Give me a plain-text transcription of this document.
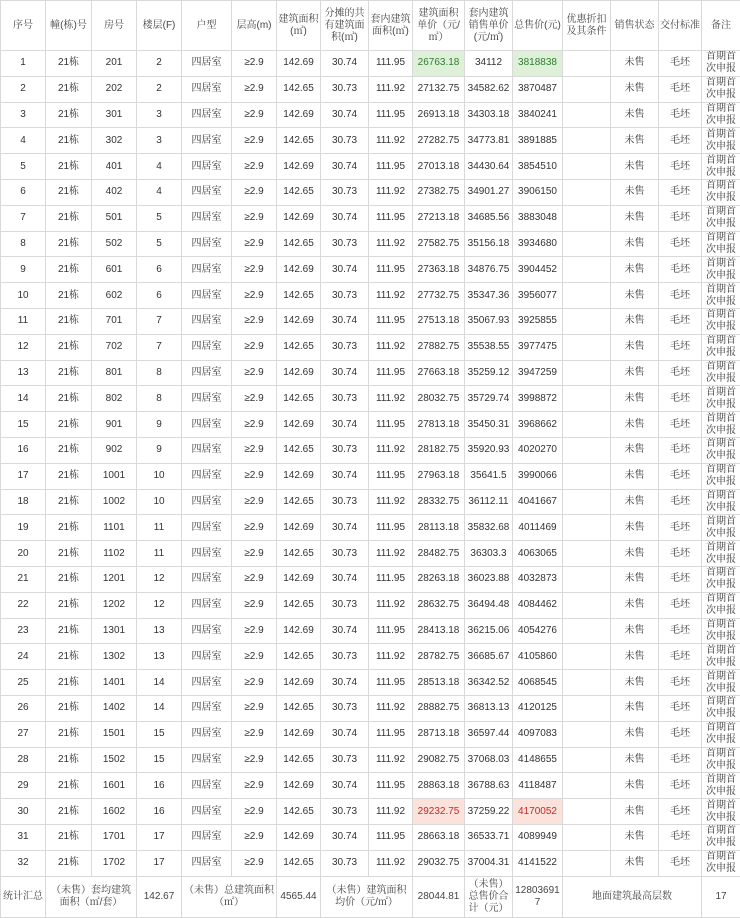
序号	幢(栋)号	房号	楼层(F)	户型	层高(m)	建筑面积(㎡)	分摊的共有建筑面积(㎡)	套内建筑面积(㎡)	建筑面积单价（元/㎡）	套内建筑销售单价(元/㎡)	总售价(元)	优惠折扣及其条件	销售状态	交付标准	备注
1	21栋	201	2	四居室	≥2.9	142.69	30.74	111.95	26763.18	34112	3818838		未售	毛坯	首期首次申报
2	21栋	202	2	四居室	≥2.9	142.65	30.73	111.92	27132.75	34582.62	3870487		未售	毛坯	首期首次申报
3	21栋	301	3	四居室	≥2.9	142.69	30.74	111.95	26913.18	34303.18	3840241		未售	毛坯	首期首次申报
4	21栋	302	3	四居室	≥2.9	142.65	30.73	111.92	27282.75	34773.81	3891885		未售	毛坯	首期首次申报
5	21栋	401	4	四居室	≥2.9	142.69	30.74	111.95	27013.18	34430.64	3854510		未售	毛坯	首期首次申报
6	21栋	402	4	四居室	≥2.9	142.65	30.73	111.92	27382.75	34901.27	3906150		未售	毛坯	首期首次申报
7	21栋	501	5	四居室	≥2.9	142.69	30.74	111.95	27213.18	34685.56	3883048		未售	毛坯	首期首次申报
8	21栋	502	5	四居室	≥2.9	142.65	30.73	111.92	27582.75	35156.18	3934680		未售	毛坯	首期首次申报
9	21栋	601	6	四居室	≥2.9	142.69	30.74	111.95	27363.18	34876.75	3904452		未售	毛坯	首期首次申报
10	21栋	602	6	四居室	≥2.9	142.65	30.73	111.92	27732.75	35347.36	3956077		未售	毛坯	首期首次申报
11	21栋	701	7	四居室	≥2.9	142.69	30.74	111.95	27513.18	35067.93	3925855		未售	毛坯	首期首次申报
12	21栋	702	7	四居室	≥2.9	142.65	30.73	111.92	27882.75	35538.55	3977475		未售	毛坯	首期首次申报
13	21栋	801	8	四居室	≥2.9	142.69	30.74	111.95	27663.18	35259.12	3947259		未售	毛坯	首期首次申报
14	21栋	802	8	四居室	≥2.9	142.65	30.73	111.92	28032.75	35729.74	3998872		未售	毛坯	首期首次申报
15	21栋	901	9	四居室	≥2.9	142.69	30.74	111.95	27813.18	35450.31	3968662		未售	毛坯	首期首次申报
16	21栋	902	9	四居室	≥2.9	142.65	30.73	111.92	28182.75	35920.93	4020270		未售	毛坯	首期首次申报
17	21栋	1001	10	四居室	≥2.9	142.69	30.74	111.95	27963.18	35641.5	3990066		未售	毛坯	首期首次申报
18	21栋	1002	10	四居室	≥2.9	142.65	30.73	111.92	28332.75	36112.11	4041667		未售	毛坯	首期首次申报
19	21栋	1101	11	四居室	≥2.9	142.69	30.74	111.95	28113.18	35832.68	4011469		未售	毛坯	首期首次申报
20	21栋	1102	11	四居室	≥2.9	142.65	30.73	111.92	28482.75	36303.3	4063065		未售	毛坯	首期首次申报
21	21栋	1201	12	四居室	≥2.9	142.69	30.74	111.95	28263.18	36023.88	4032873		未售	毛坯	首期首次申报
22	21栋	1202	12	四居室	≥2.9	142.65	30.73	111.92	28632.75	36494.48	4084462		未售	毛坯	首期首次申报
23	21栋	1301	13	四居室	≥2.9	142.69	30.74	111.95	28413.18	36215.06	4054276		未售	毛坯	首期首次申报
24	21栋	1302	13	四居室	≥2.9	142.65	30.73	111.92	28782.75	36685.67	4105860		未售	毛坯	首期首次申报
25	21栋	1401	14	四居室	≥2.9	142.69	30.74	111.95	28513.18	36342.52	4068545		未售	毛坯	首期首次申报
26	21栋	1402	14	四居室	≥2.9	142.65	30.73	111.92	28882.75	36813.13	4120125		未售	毛坯	首期首次申报
27	21栋	1501	15	四居室	≥2.9	142.69	30.74	111.95	28713.18	36597.44	4097083		未售	毛坯	首期首次申报
28	21栋	1502	15	四居室	≥2.9	142.65	30.73	111.92	29082.75	37068.03	4148655		未售	毛坯	首期首次申报
29	21栋	1601	16	四居室	≥2.9	142.69	30.74	111.95	28863.18	36788.63	4118487		未售	毛坯	首期首次申报
30	21栋	1602	16	四居室	≥2.9	142.65	30.73	111.92	29232.75	37259.22	4170052		未售	毛坯	首期首次申报
31	21栋	1701	17	四居室	≥2.9	142.69	30.74	111.95	28663.18	36533.71	4089949		未售	毛坯	首期首次申报
32	21栋	1702	17	四居室	≥2.9	142.65	30.73	111.92	29032.75	37004.31	4141522		未售	毛坯	首期首次申报
统计汇总	（未售）套均建筑面积（㎡/套）		142.67	（未售）总建筑面积（㎡）		4565.44	（未售）建筑面积均价（元/㎡）		28044.81	（未售）总售价合计（元）	128036917	地面建筑最高层数			17
